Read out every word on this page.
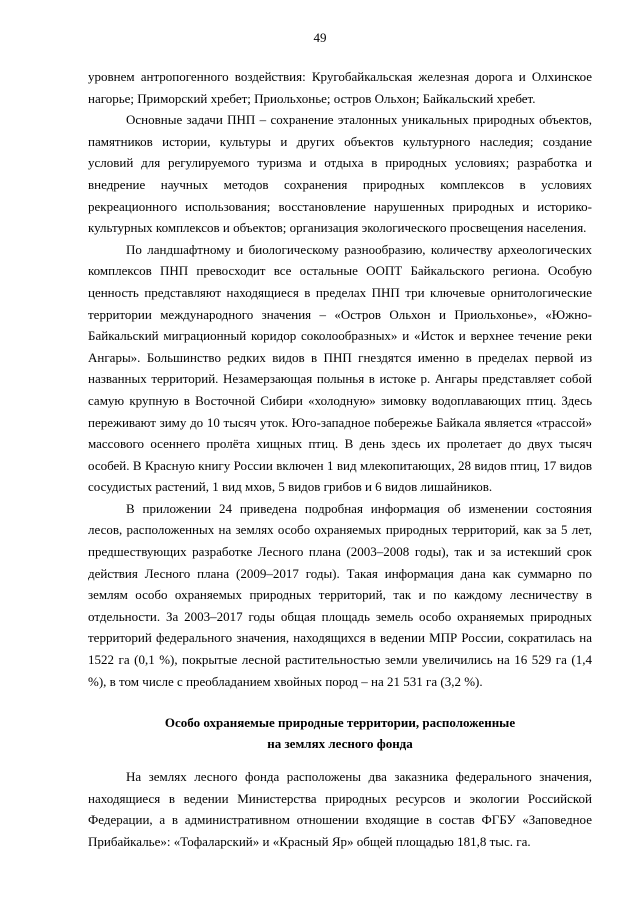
49

уровнем антропогенного воздействия: Кругобайкальская железная дорога и Олхинское нагорье; Приморский хребет; Приольхонье; остров Ольхон; Байкальский хребет.

Основные задачи ПНП – сохранение эталонных уникальных природных объектов, памятников истории, культуры и других объектов культурного наследия; создание условий для регулируемого туризма и отдыха в природных условиях; разработка и внедрение научных методов сохранения природных комплексов в условиях рекреационного использования; восстановление нарушенных природных и историко-культурных комплексов и объектов; организация экологического просвещения населения.

По ландшафтному и биологическому разнообразию, количеству археологических комплексов ПНП превосходит все остальные ООПТ Байкальского региона. Особую ценность представляют находящиеся в пределах ПНП три ключевые орнитологические территории международного значения – «Остров Ольхон и Приольхонье», «Южно-Байкальский миграционный коридор соколообразных» и «Исток и верхнее течение реки Ангары». Большинство редких видов в ПНП гнездятся именно в пределах первой из названных территорий. Незамерзающая полынья в истоке р. Ангары представляет собой самую крупную в Восточной Сибири «холодную» зимовку водоплавающих птиц. Здесь переживают зиму до 10 тысяч уток. Юго-западное побережье Байкала является «трассой» массового осеннего пролёта хищных птиц. В день здесь их пролетает до двух тысяч особей. В Красную книгу России включен 1 вид млекопитающих, 28 видов птиц, 17 видов сосудистых растений, 1 вид мхов, 5 видов грибов и 6 видов лишайников.

В приложении 24 приведена подробная информация об изменении состояния лесов, расположенных на землях особо охраняемых природных территорий, как за 5 лет, предшествующих разработке Лесного плана (2003–2008 годы), так и за истекший срок действия Лесного плана (2009–2017 годы). Такая информация дана как суммарно по землям особо охраняемых природных территорий, так и по каждому лесничеству в отдельности. За 2003–2017 годы общая площадь земель особо охраняемых природных территорий федерального значения, находящихся в ведении МПР России, сократилась на 1522 га (0,1 %), покрытые лесной растительностью земли увеличились на 16 529 га (1,4 %), в том числе с преобладанием хвойных пород – на 21 531 га (3,2 %).

Особо охраняемые природные территории, расположенные
на землях лесного фонда

На землях лесного фонда расположены два заказника федерального значения, находящиеся в ведении Министерства природных ресурсов и экологии Российской Федерации, а в административном отношении входящие в состав ФГБУ «Заповедное Прибайкалье»: «Тофаларский» и «Красный Яр» общей площадью 181,8 тыс. га.
